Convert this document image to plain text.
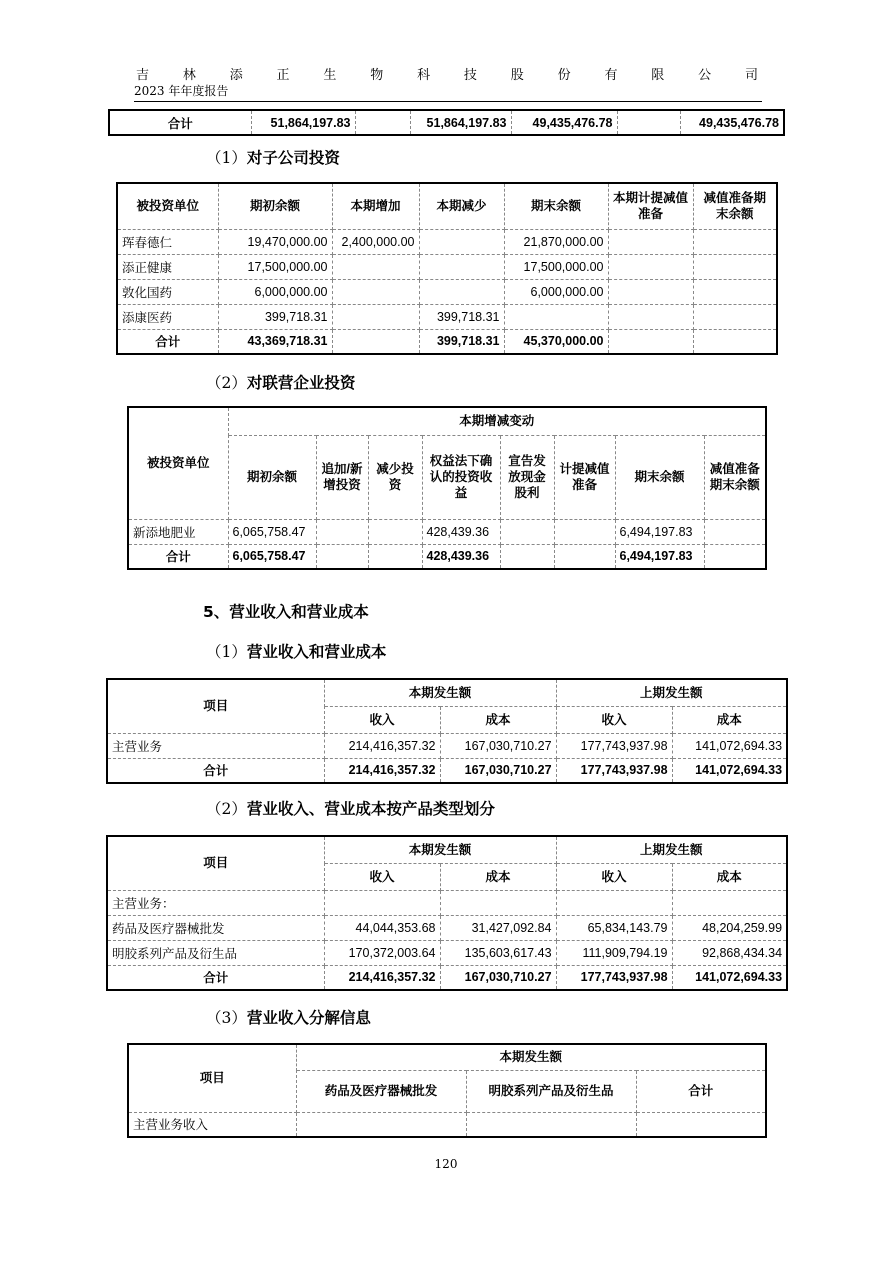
吉	林	添	正	生	物	科	技	股	份	有	限	公	司
2023 年年度报告
合计	51,864,197.83		51,864,197.83	49,435,476.78		49,435,476.78
（1）对子公司投资
被投资单位	期初余额	本期增加	本期减少	期末余额	本期计提减值准备	减值准备期末余额
珲春德仁	19,470,000.00	2,400,000.00		21,870,000.00		
添正健康	17,500,000.00			17,500,000.00		
敦化国药	6,000,000.00			6,000,000.00		
添康医药	399,718.31		399,718.31			
合计	43,369,718.31		399,718.31	45,370,000.00		
（2）对联营企业投资
被投资单位	本期增减变动							
	期初余额	追加/新增投资	减少投资	权益法下确认的投资收益	宣告发放现金股利	计提减值准备	期末余额	减值准备期末余额
新添地肥业	6,065,758.47			428,439.36			6,494,197.83	
合计	6,065,758.47			428,439.36			6,494,197.83	
5、营业收入和营业成本
（1）营业收入和营业成本
项目	本期发生额		上期发生额	
	收入	成本	收入	成本
主营业务	214,416,357.32	167,030,710.27	177,743,937.98	141,072,694.33
合计	214,416,357.32	167,030,710.27	177,743,937.98	141,072,694.33
（2）营业收入、营业成本按产品类型划分
项目	本期发生额		上期发生额	
	收入	成本	收入	成本
主营业务：				
药品及医疗器械批发	44,044,353.68	31,427,092.84	65,834,143.79	48,204,259.99
明胶系列产品及衍生品	170,372,003.64	135,603,617.43	111,909,794.19	92,868,434.34
合计	214,416,357.32	167,030,710.27	177,743,937.98	141,072,694.33
（3）营业收入分解信息
项目	本期发生额		
	药品及医疗器械批发	明胶系列产品及衍生品	合计
主营业务收入			
120
